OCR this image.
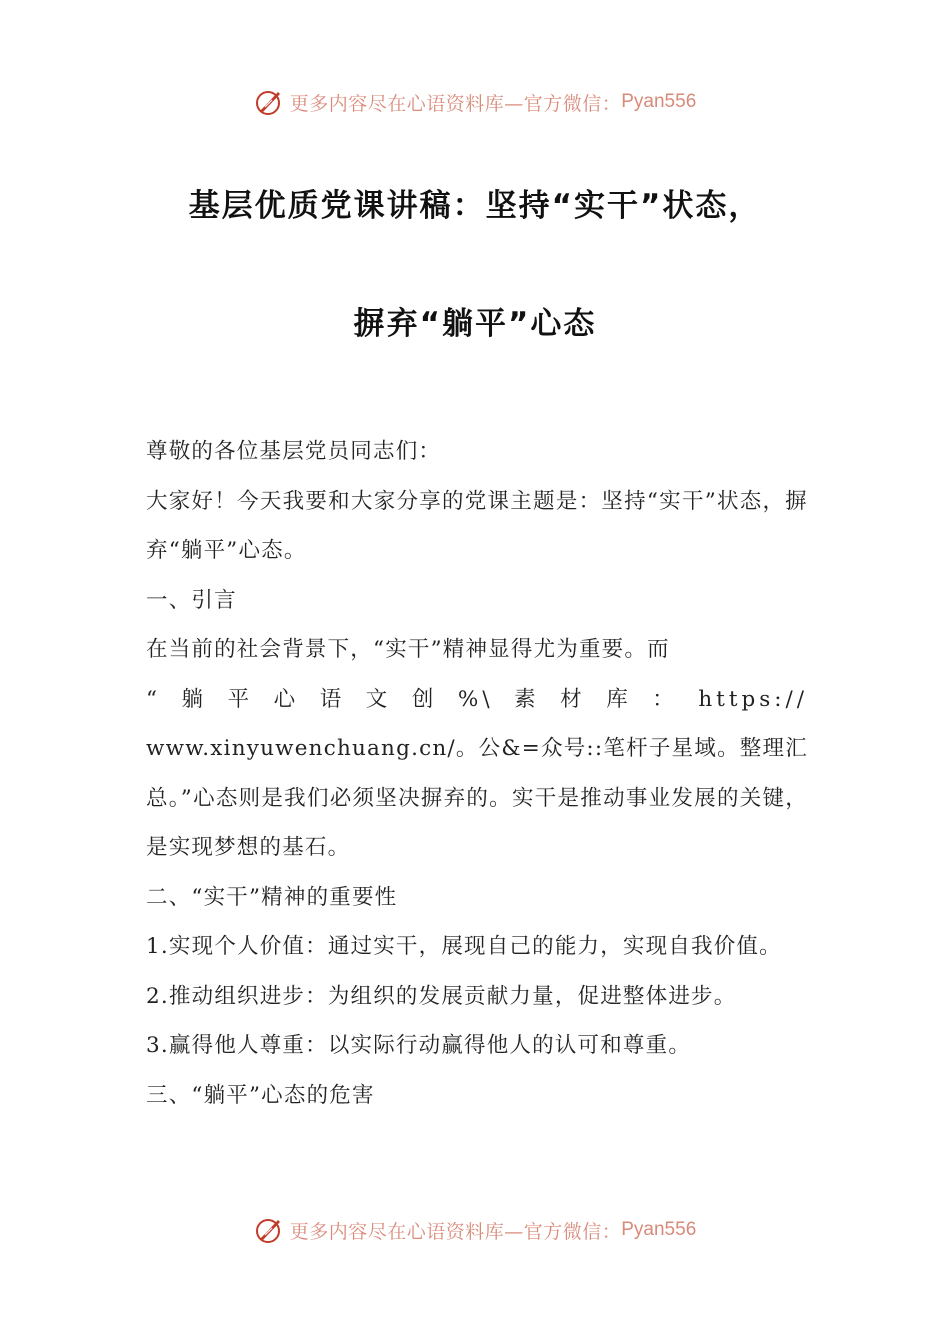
更多内容尽在心语资料库—官方微信： Pyan556
基层优质党课讲稿：坚持“实干”状态，
摒弃“躺平”心态

尊敬的各位基层党员同志们：

大家好！今天我要和大家分享的党课主题是：坚持“实干”状态，摒弃“躺平”心态。

一、引言

在当前的社会背景下，“实干”精神显得尤为重要。而

“躺平心语文创%\素材库：https://

www.xinyuwenchuang.cn/。公&=众号::笔杆子星域。整理汇总。”心态则是我们必须坚决摒弃的。实干是推动事业发展的关键，是实现梦想的基石。

二、“实干”精神的重要性

1.实现个人价值：通过实干，展现自己的能力，实现自我价值。

2.推动组织进步：为组织的发展贡献力量，促进整体进步。

3.赢得他人尊重：以实际行动赢得他人的认可和尊重。

三、“躺平”心态的危害

更多内容尽在心语资料库—官方微信： Pyan556
